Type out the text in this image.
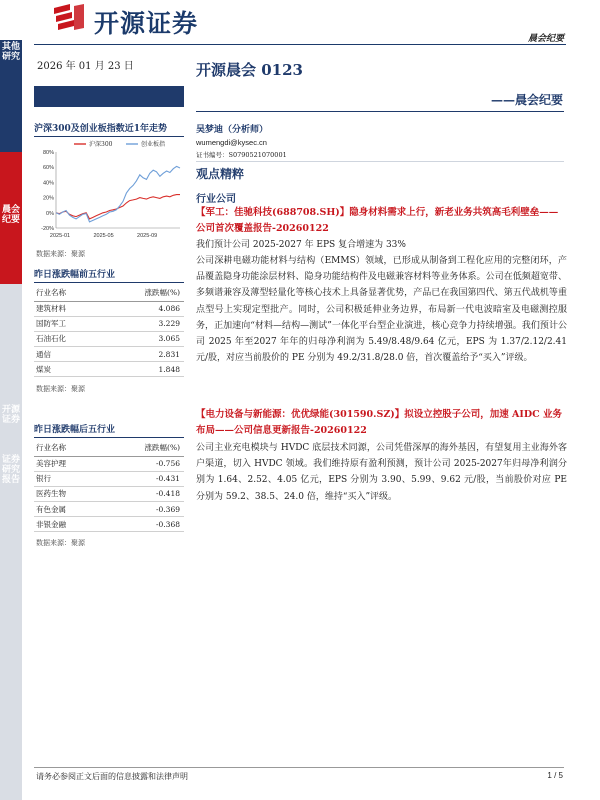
开源证券
晨会纪要
其他研究
晨会纪要
开源证券
证券研究报告
2026 年 01 月 23 日
沪深300及创业板指数近1年走势
80%
60%
40%
20%
0%
-20%
2025-01	2025-05	2025-09
沪深300	创业板指
数据来源：聚源
昨日涨跌幅前五行业
行业名称	涨跌幅(%)
建筑材料	4.086
国防军工	3.229
石油石化	3.065
通信	2.831
煤炭	1.848
数据来源：聚源
昨日涨跌幅后五行业
行业名称	涨跌幅(%)
美容护理	-0.756
银行	-0.431
医药生物	-0.418
有色金属	-0.369
非银金融	-0.368
数据来源：聚源
开源晨会 0123
——晨会纪要
吴梦迪（分析师）
wumengdi@kysec.cn
证书编号：S0790521070001
观点精粹
行业公司
【军工：佳驰科技(688708.SH)】隐身材料需求上行，新老业务共筑高毛利壁垒——公司首次覆盖报告-20260122
我们预计公司 2025-2027 年 EPS 复合增速为 33%
公司深耕电磁功能材料与结构（EMMS）领域，已形成从制备到工程化应用的完整闭环，产品覆盖隐身功能涂层材料、隐身功能结构件及电磁兼容材料等业务体系。公司在低频超宽带、多频谱兼容及薄型轻量化等核心技术上具备显著优势，产品已在我国第四代、第五代战机等重点型号上实现定型批产。同时，公司积极延伸业务边界，布局新一代电波暗室及电磁测控服务，正加速向“材料—结构—测试”一体化平台型企业演进，核心竞争力持续增强。我们预计公司 2025 年至2027 年年的归母净利润为 5.49/8.48/9.64 亿元，EPS 为 1.37/2.12/2.41 元/股，对应当前股价的 PE 分别为 49.2/31.8/28.0 倍，首次覆盖给予“买入”评级。
【电力设备与新能源：优优绿能(301590.SZ)】拟设立控股子公司，加速 AIDC 业务布局——公司信息更新报告-20260122
公司主业充电模块与 HVDC 底层技术同源，公司凭借深厚的海外基因，有望复用主业海外客户渠道，切入 HVDC 领域。我们维持原有盈利预测，预计公司 2025-2027年归母净利润分别为 1.64、2.52、4.05 亿元，EPS 分别为 3.90、5.99、9.62 元/股，当前股价对应 PE 分别为 59.2、38.5、24.0 倍，维持“买入”评级。
请务必参阅正文后面的信息披露和法律声明	1 / 5
